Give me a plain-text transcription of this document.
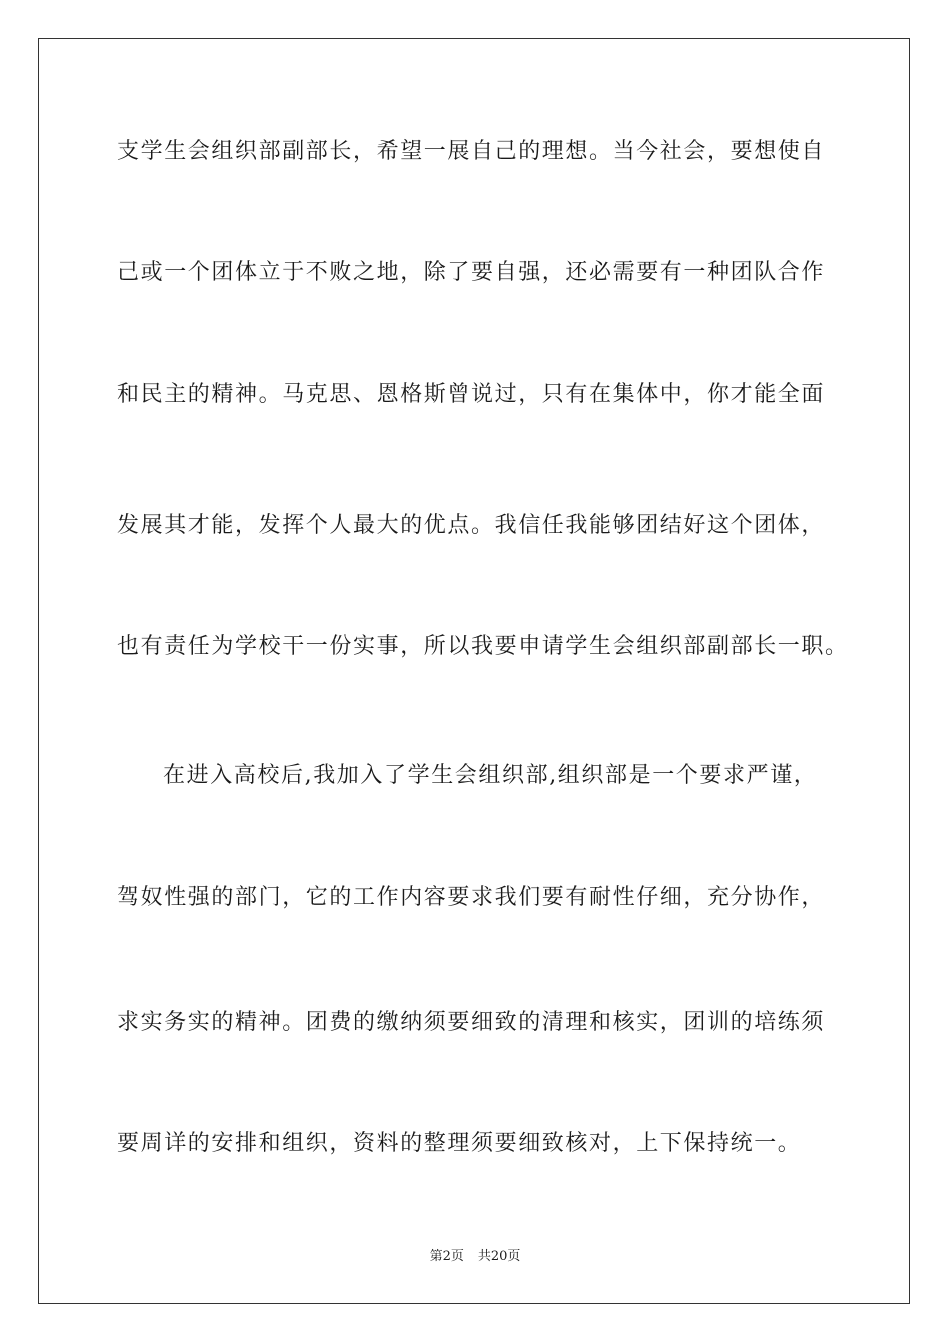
支学生会组织部副部长，希望一展自己的理想。当今社会，要想使自
己或一个团体立于不败之地，除了要自强，还必需要有一种团队合作
和民主的精神。马克思、恩格斯曾说过，只有在集体中，你才能全面
发展其才能，发挥个人最大的优点。我信任我能够团结好这个团体，
也有责任为学校干一份实事，所以我要申请学生会组织部副部长一职。
在进入高校后,我加入了学生会组织部,组织部是一个要求严谨，
驾奴性强的部门，它的工作内容要求我们要有耐性仔细，充分协作，
求实务实的精神。团费的缴纳须要细致的清理和核实，团训的培练须
要周详的安排和组织，资料的整理须要细致核对，上下保持统一。
第2页 共20页
